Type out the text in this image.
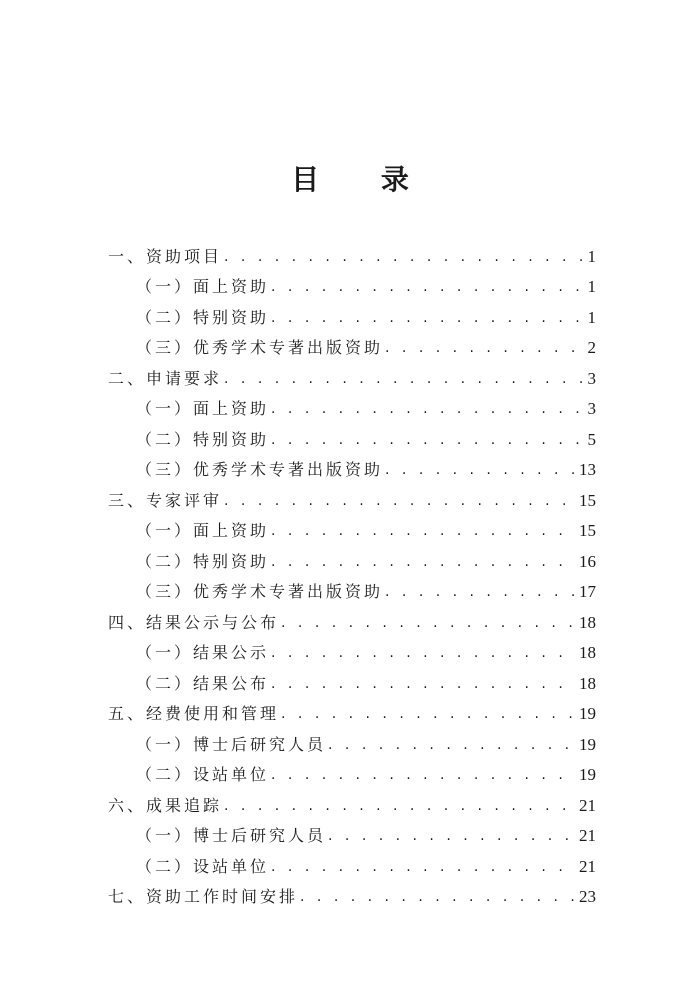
目 录
一、资助项目 . . .	1
（一）面上资助 . . .	1
（二）特别资助 . . .	1
（三）优秀学术专著出版资助 . . .	2
二、申请要求 . . .	3
（一）面上资助 . . .	3
（二）特别资助 . . .	5
（三）优秀学术专著出版资助 . . .	13
三、专家评审 . . .	15
（一）面上资助 . . .	15
（二）特别资助 . . .	16
（三）优秀学术专著出版资助 . . .	17
四、结果公示与公布 . . .	18
（一）结果公示 . . .	18
（二）结果公布 . . .	18
五、经费使用和管理 . . .	19
（一）博士后研究人员 . . .	19
（二）设站单位 . . .	19
六、成果追踪 . . .	21
（一）博士后研究人员 . . .	21
（二）设站单位 . . .	21
七、资助工作时间安排 . . .	23
